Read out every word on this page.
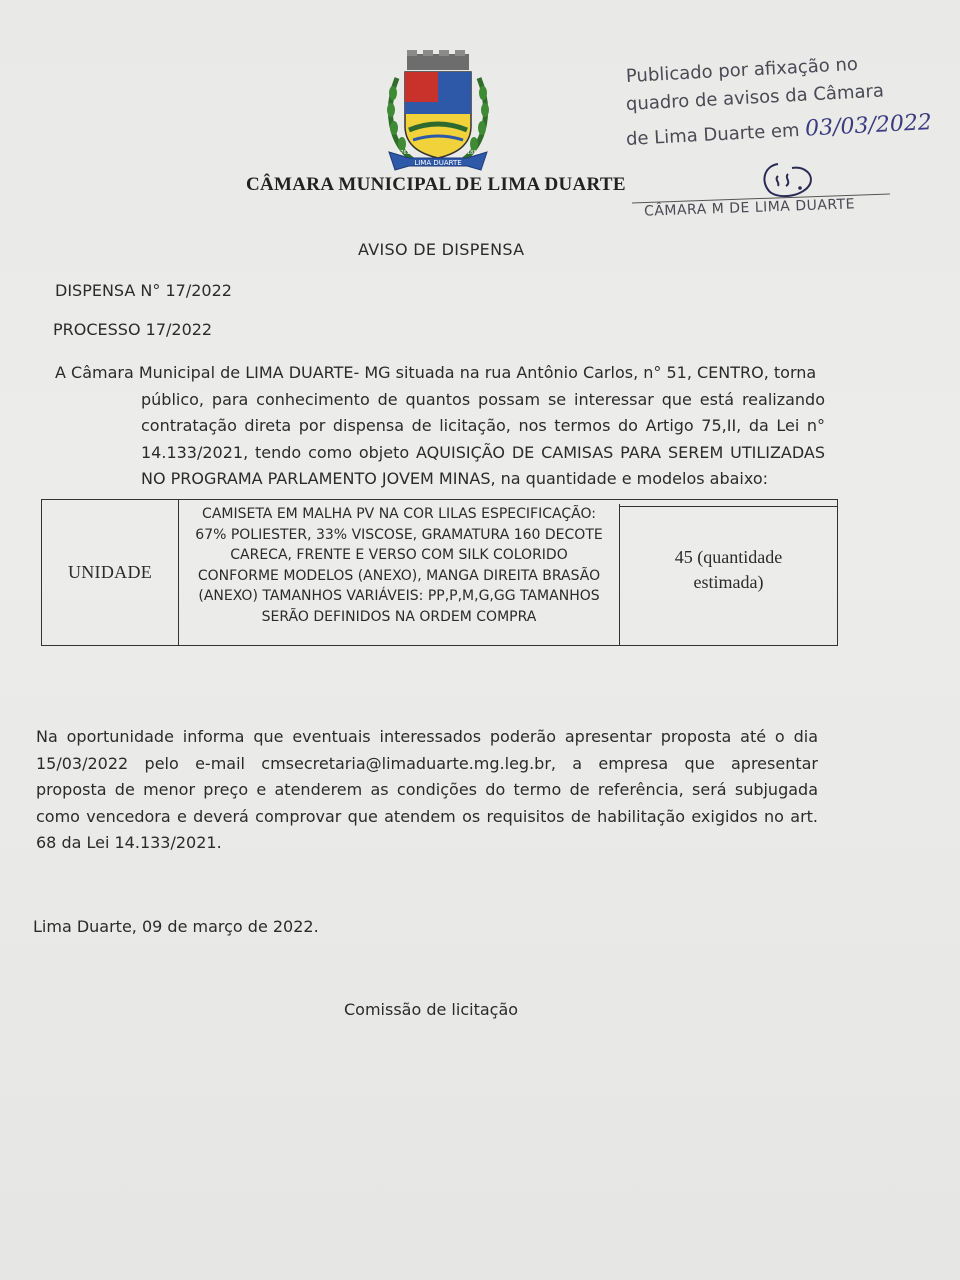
LIMA DUARTE
1761	1881
CÂMARA MUNICIPAL DE LIMA DUARTE
Publicado por afixação no
quadro de avisos da Câmara
de Lima Duarte em 03/03/2022
CÂMARA M DE LIMA DUARTE
AVISO DE DISPENSA
DISPENSA N° 17/2022
PROCESSO 17/2022
A Câmara Municipal de LIMA DUARTE- MG situada na rua Antônio Carlos, n° 51, CENTRO, torna
público, para conhecimento de quantos possam se interessar que está realizando contratação direta por dispensa de licitação, nos termos do Artigo 75,II, da Lei n° 14.133/2021, tendo como objeto AQUISIÇÃO DE CAMISAS PARA SEREM UTILIZADAS NO PROGRAMA PARLAMENTO JOVEM MINAS, na quantidade e modelos abaixo:
UNIDADE
CAMISETA EM MALHA PV NA COR LILAS ESPECIFICAÇÃO:
67% POLIESTER, 33% VISCOSE, GRAMATURA 160 DECOTE
CARECA, FRENTE E VERSO COM SILK COLORIDO
CONFORME MODELOS (ANEXO), MANGA DIREITA BRASÃO
(ANEXO) TAMANHOS VARIÁVEIS: PP,P,M,G,GG TAMANHOS
SERÃO DEFINIDOS NA ORDEM COMPRA
45 (quantidade
estimada)
Na oportunidade informa que eventuais interessados poderão apresentar proposta até o dia
15/03/2022 pelo e-mail cmsecretaria@limaduarte.mg.leg.br, a empresa que apresentar
proposta de menor preço e atenderem as condições do termo de referência, será subjugada
como vencedora e deverá comprovar que atendem os requisitos de habilitação exigidos no art.
68 da Lei 14.133/2021.
Lima Duarte, 09 de março de 2022.
Comissão de licitação
